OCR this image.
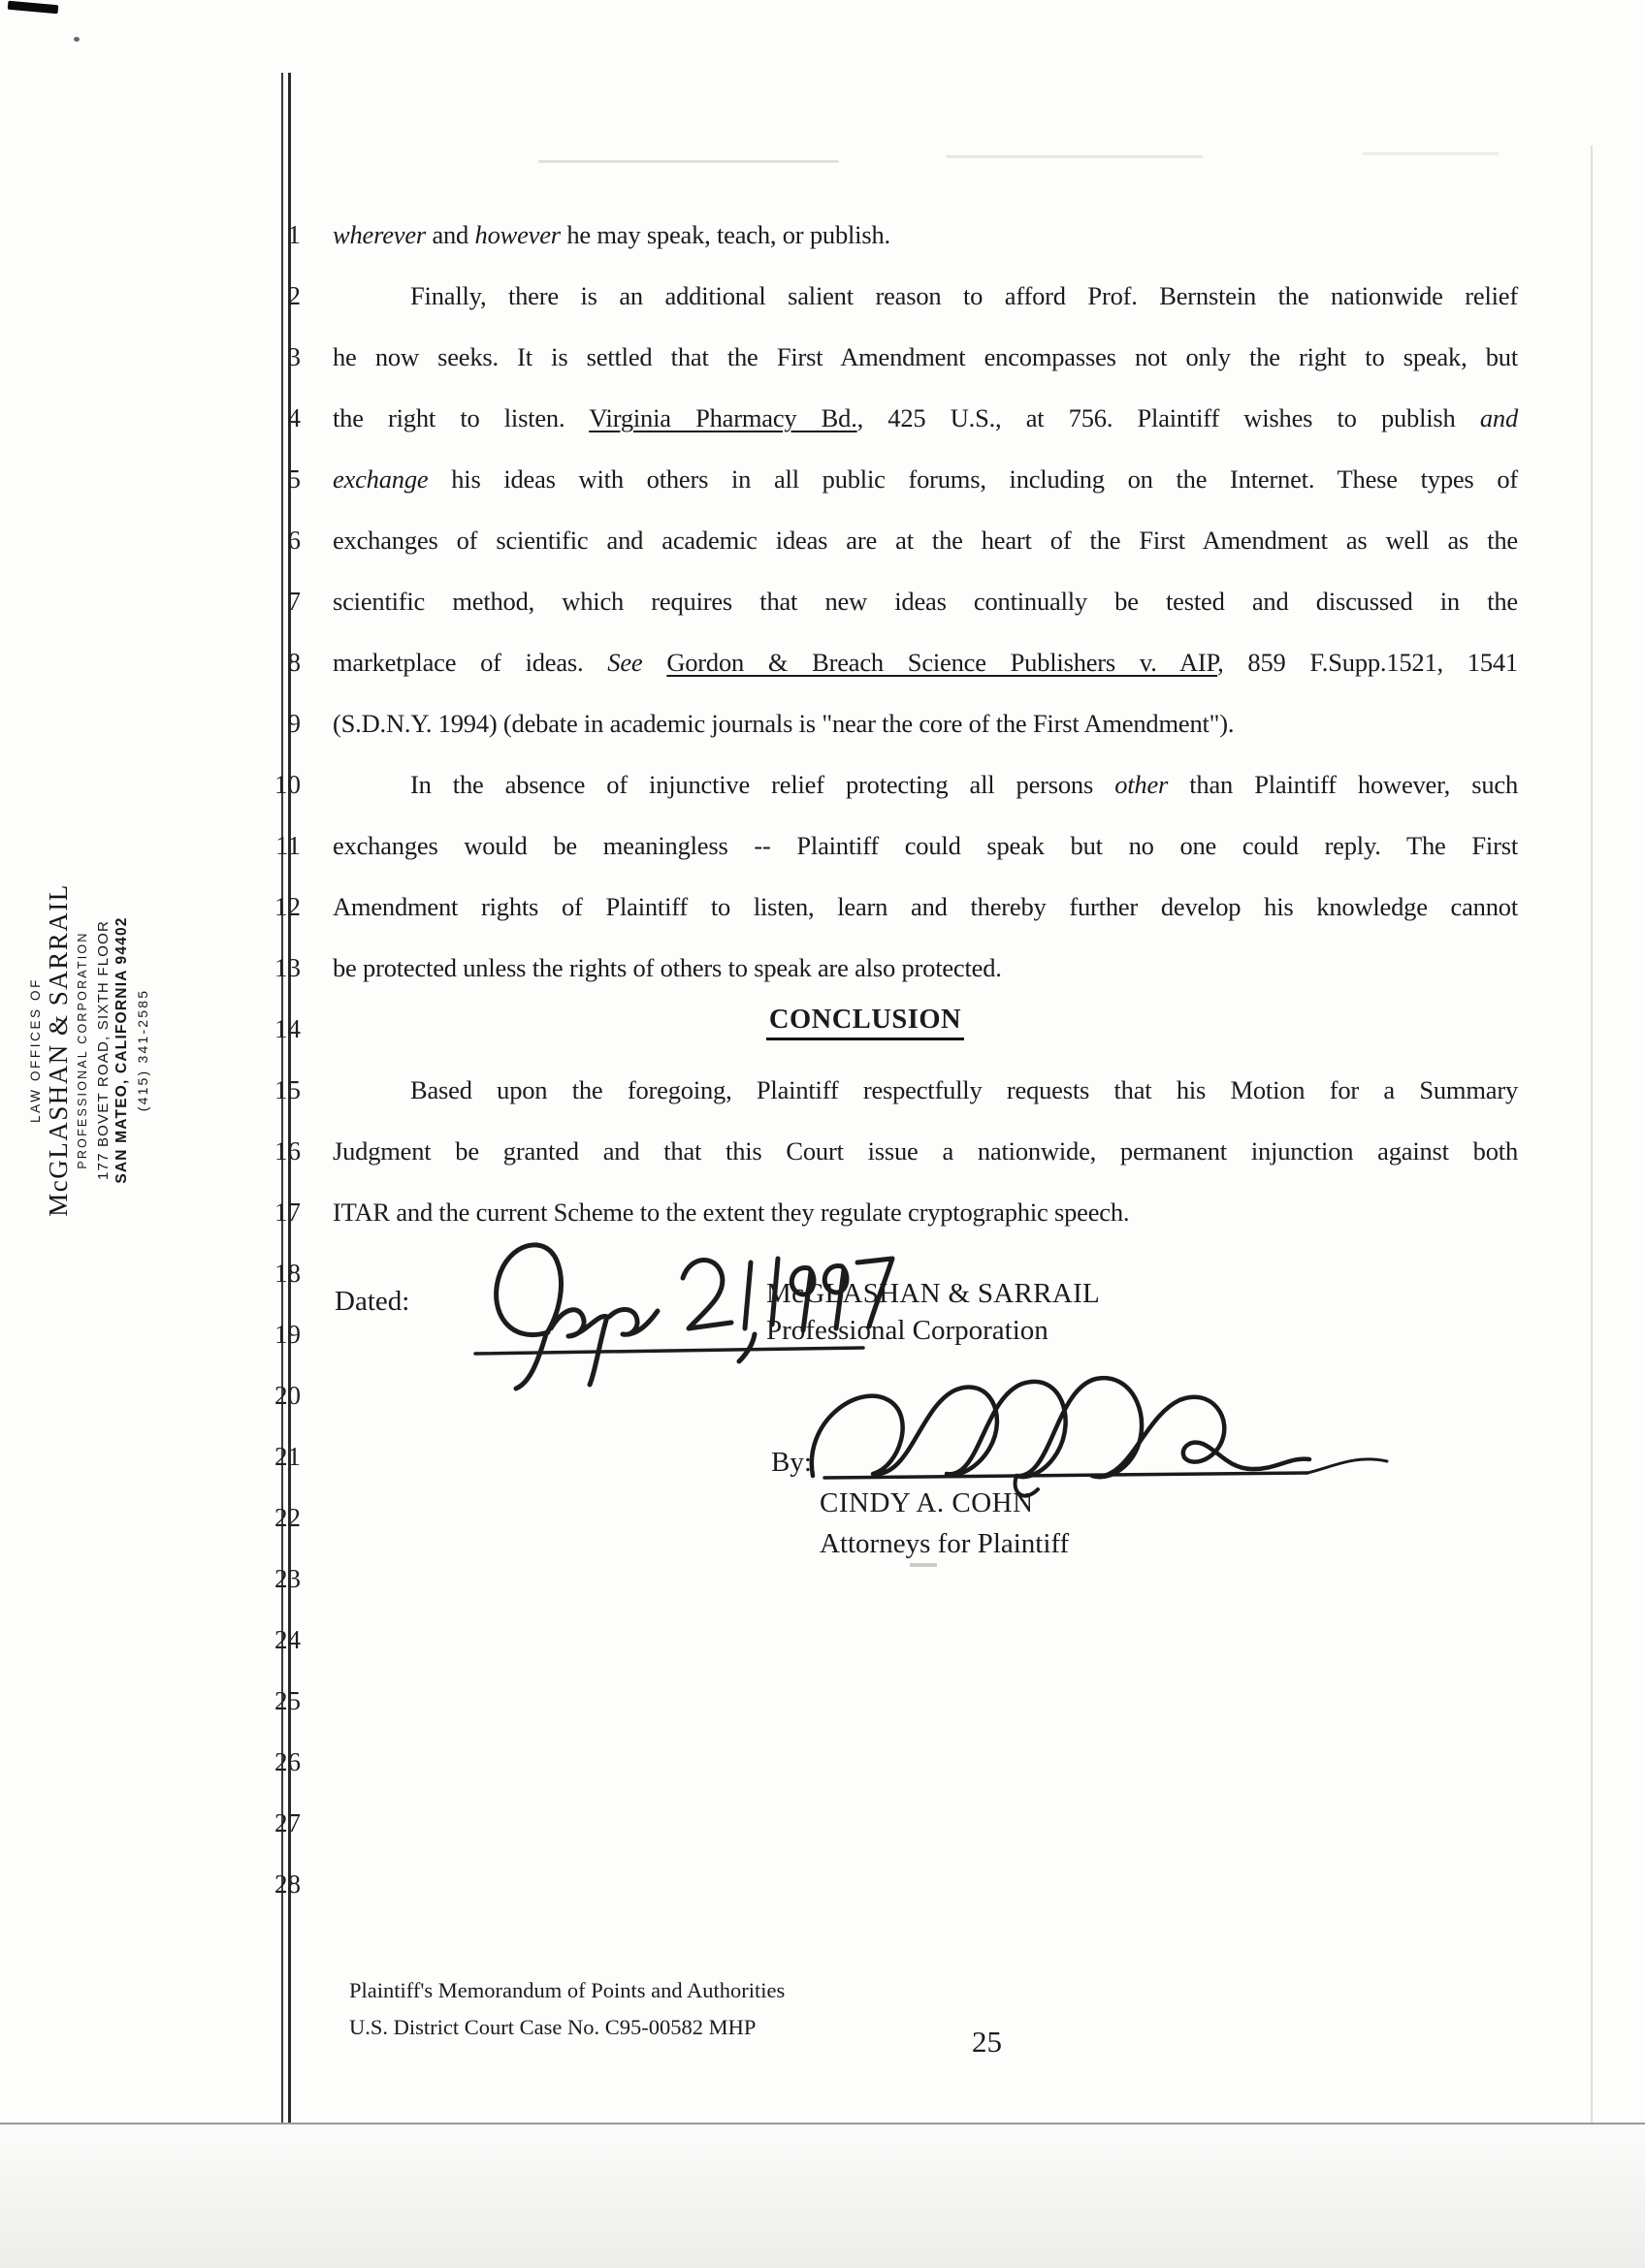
1
2
3
4
5
6
7
8
9
10
11
12
13
14
15
16
17
18
19
20
21
22
23
24
25
26
27
28
LAW OFFICES OF McGLASHAN & SARRAIL PROFESSIONAL CORPORATION 177 BOVET ROAD, SIXTH FLOOR SAN MATEO, CALIFORNIA 94402 (415) 341-2585
wherever and however he may speak, teach, or publish.
Finally, there is an additional salient reason to afford Prof. Bernstein the nationwide relief
he now seeks. It is settled that the First Amendment encompasses not only the right to speak, but
the right to listen. Virginia Pharmacy Bd., 425 U.S., at 756. Plaintiff wishes to publish and
exchange his ideas with others in all public forums, including on the Internet. These types of
exchanges of scientific and academic ideas are at the heart of the First Amendment as well as the
scientific method, which requires that new ideas continually be tested and discussed in the
marketplace of ideas. See Gordon & Breach Science Publishers v. AIP, 859 F.Supp.1521, 1541
(S.D.N.Y. 1994) (debate in academic journals is "near the core of the First Amendment").
In the absence of injunctive relief protecting all persons other than Plaintiff however, such
exchanges would be meaningless -- Plaintiff could speak but no one could reply. The First
Amendment rights of Plaintiff to listen, learn and thereby further develop his knowledge cannot
be protected unless the rights of others to speak are also protected.
Based upon the foregoing, Plaintiff respectfully requests that his Motion for a Summary
Judgment be granted and that this Court issue a nationwide, permanent injunction against both
ITAR and the current Scheme to the extent they regulate cryptographic speech.
CONCLUSION
Dated:	McGLASHAN & SARRAIL
Professional Corporation
By:
CINDY A. COHN
Attorneys for Plaintiff
Plaintiff's Memorandum of Points and Authorities
U.S. District Court Case No. C95-00582 MHP	25
